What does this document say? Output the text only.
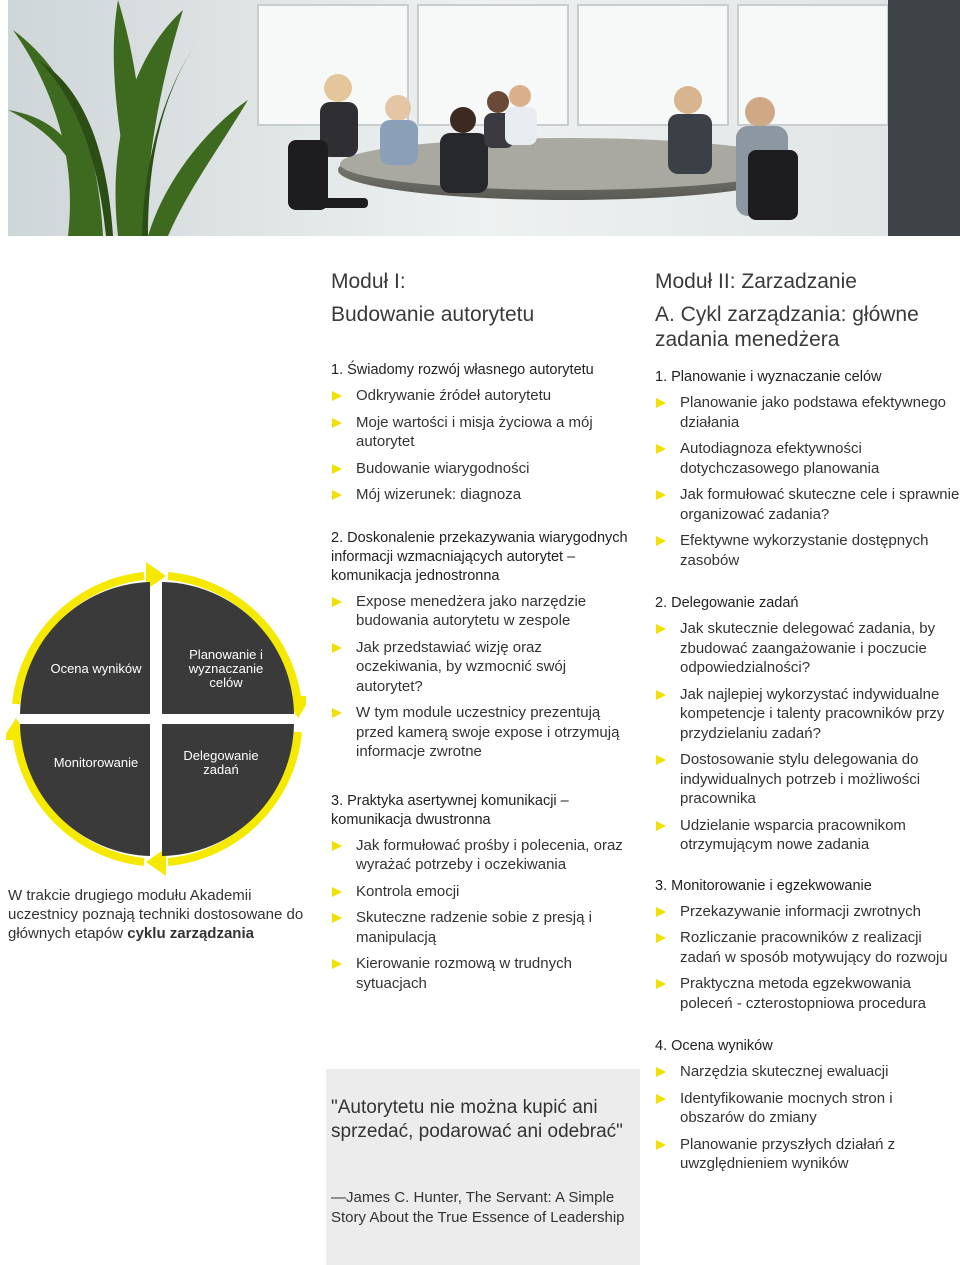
Ocena wyników
Planowanie i wyznaczanie celów
Monitorowanie	Delegowanie zadań
W trakcie drugiego modułu Akademii uczestnicy poznają techniki dostosowane do głównych etapów cyklu zarządzania

Moduł I:

Budowanie autorytetu

1. Świadomy rozwój własnego autorytetu

Odkrywanie źródeł autorytetu
Moje wartości i misja życiowa a mój autorytet
Budowanie wiarygodności
Mój wizerunek: diagnoza

2. Doskonalenie przekazywania wiarygodnych informacji wzmacniających autorytet – komunikacja jednostronna

Expose menedżera jako narzędzie budowania autorytetu w zespole
Jak przedstawiać wizję oraz oczekiwania, by wzmocnić swój autorytet?
W tym module uczestnicy prezentują przed kamerą swoje expose i otrzymują informacje zwrotne

3. Praktyka asertywnej komunikacji – komunikacja dwustronna

Jak formułować prośby i polecenia, oraz wyrażać potrzeby i oczekiwania
Kontrola emocji
Skuteczne radzenie sobie z presją i manipulacją
Kierowanie rozmową w trudnych sytuacjach
"Autorytetu nie można kupić ani sprzedać, podarować ani odebrać"
—James C. Hunter, The Servant: A Simple Story About the True Essence of Leadership

Moduł II: Zarzadzanie

A. Cykl zarządzania: główne zadania menedżera

1. Planowanie i wyznaczanie celów

Planowanie jako podstawa efektywnego działania
Autodiagnoza efektywności dotychczasowego planowania
Jak formułować skuteczne cele i sprawnie organizować zadania?
Efektywne wykorzystanie dostępnych zasobów

2. Delegowanie zadań

Jak skutecznie delegować zadania, by zbudować zaangażowanie i poczucie odpowiedzialności?
Jak najlepiej wykorzystać indywidualne kompetencje i talenty pracowników przy przydzielaniu zadań?
Dostosowanie stylu delegowania do indywidualnych potrzeb i możliwości pracownika
Udzielanie wsparcia pracownikom otrzymującym nowe zadania

3. Monitorowanie i egzekwowanie

Przekazywanie informacji zwrotnych
Rozliczanie pracowników z realizacji zadań w sposób motywujący do rozwoju
Praktyczna metoda egzekwowania poleceń - czterostopniowa procedura

4. Ocena wyników

Narzędzia skutecznej ewaluacji
Identyfikowanie mocnych stron i obszarów do zmiany
Planowanie przyszłych działań z uwzględnieniem wyników
